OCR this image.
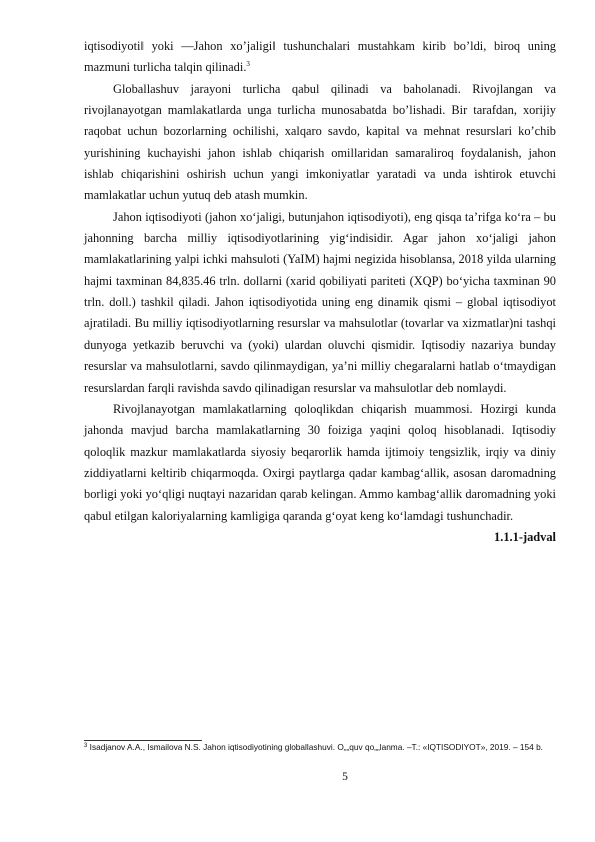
iqtisodiyoti‖ yoki —Jahon xo’jaligi‖ tushunchalari mustahkam kirib bo’ldi, biroq uning mazmuni turlicha talqin qilinadi.$^3$

Globallashuv jarayoni turlicha qabul qilinadi va baholanadi. Rivojlangan va rivojlanayotgan mamlakatlarda unga turlicha munosabatda bo’lishadi. Bir tarafdan, xorijiy raqobat uchun bozorlarning ochilishi, xalqaro savdo, kapital va mehnat resurslari ko’chib yurishining kuchayishi jahon ishlab chiqarish omillaridan samaraliroq foydalanish, jahon ishlab chiqarishini oshirish uchun yangi imkoniyatlar yaratadi va unda ishtirok etuvchi mamlakatlar uchun yutuq deb atash mumkin.

Jahon iqtisodiyoti (jahon xo‘jaligi, butunjahon iqtisodiyoti), eng qisqa ta’rifga ko‘ra – bu jahonning barcha milliy iqtisodiyotlarining yig‘indisidir. Agar jahon xo‘jaligi jahon mamlakatlarining yalpi ichki mahsuloti (YaIM) hajmi negizida hisoblansa, 2018 yilda ularning hajmi taxminan 84,835.46 trln. dollarni (xarid qobiliyati pariteti (XQP) bo‘yicha taxminan 90 trln. doll.) tashkil qiladi. Jahon iqtisodiyotida uning eng dinamik qismi – global iqtisodiyot ajratiladi. Bu milliy iqtisodiyotlarning resurslar va mahsulotlar (tovarlar va xizmatlar)ni tashqi dunyoga yetkazib beruvchi va (yoki) ulardan oluvchi qismidir. Iqtisodiy nazariya bunday resurslar va mahsulotlarni, savdo qilinmaydigan, ya’ni milliy chegaralarni hatlab o‘tmaydigan resurslardan farqli ravishda savdo qilinadigan resurslar va mahsulotlar deb nomlaydi.

Rivojlanayotgan mamlakatlarning qoloqlikdan chiqarish muammosi. Hozirgi kunda jahonda mavjud barcha mamlakatlarning 30 foiziga yaqini qoloq hisoblanadi. Iqtisodiy qoloqlik mazkur mamlakatlarda siyosiy beqarorlik hamda ijtimoiy tengsizlik, irqiy va diniy ziddiyatlarni keltirib chiqarmoqda. Oxirgi paytlarga qadar kambag‘allik, asosan daromadning borligi yoki yo‘qligi nuqtayi nazaridan qarab kelingan. Ammo kambag‘allik daromadning yoki qabul etilgan kaloriyalarning kamligiga qaranda g‘oyat keng ko‘lamdagi tushunchadir.

1.1.1-jadval

$^3$ Isadjanov A.A., Ismailova N.S. Jahon iqtisodiyotining globallashuvi. O„„quv qo„„lanma. –T.: «IQTISODIYOT», 2019. – 154 b.
5
